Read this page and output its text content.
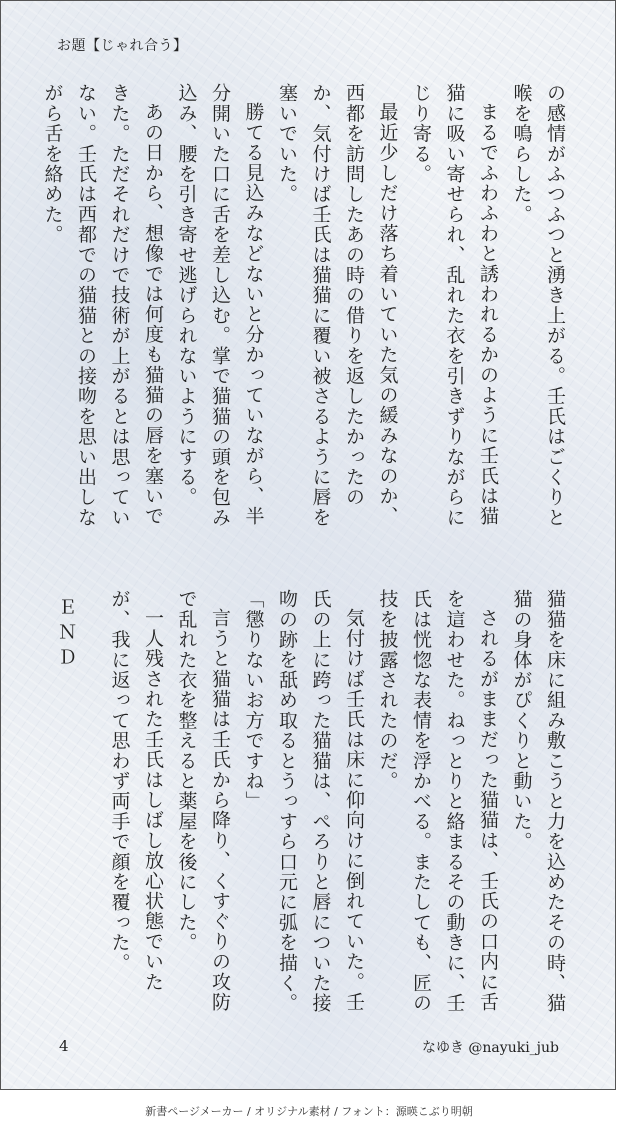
お題【じゃれ合う】

の感情がふつふつと湧き上がる。壬氏はごくりと喉を鳴らした。

まるでふわふわと誘われるかのように壬氏は猫猫に吸い寄せられ、乱れた衣を引きずりながらにじり寄る。

最近少しだけ落ち着いていた気の緩みなのか、西都を訪問したあの時の借りを返したかったのか、気付けば壬氏は猫猫に覆い被さるように唇を塞いでいた。

勝てる見込みなどないと分かっていながら、半分開いた口に舌を差し込む。掌で猫猫の頭を包み込み、腰を引き寄せ逃げられないようにする。

あの日から、想像では何度も猫猫の唇を塞いできた。ただそれだけで技術が上がるとは思っていない。壬氏は西都での猫猫との接吻を思い出しながら舌を絡めた。

猫猫を床に組み敷こうと力を込めたその時、猫猫の身体がぴくりと動いた。

されるがままだった猫猫は、壬氏の口内に舌を這わせた。ねっとりと絡まるその動きに、壬氏は恍惚な表情を浮かべる。またしても、匠の技を披露されたのだ。

気付けば壬氏は床に仰向けに倒れていた。壬氏の上に跨った猫猫は、ぺろりと唇についた接吻の跡を舐め取るとうっすら口元に弧を描く。

「懲りないお方ですね」

言うと猫猫は壬氏から降り、くすぐりの攻防で乱れた衣を整えると薬屋を後にした。

一人残された壬氏はしばし放心状態でいたが、我に返って思わず両手で顔を覆った。

ＥＮＤ
4	なゆき @nayuki_jub
新書ページメーカー / オリジナル素材 / フォント：源暎こぶり明朝
